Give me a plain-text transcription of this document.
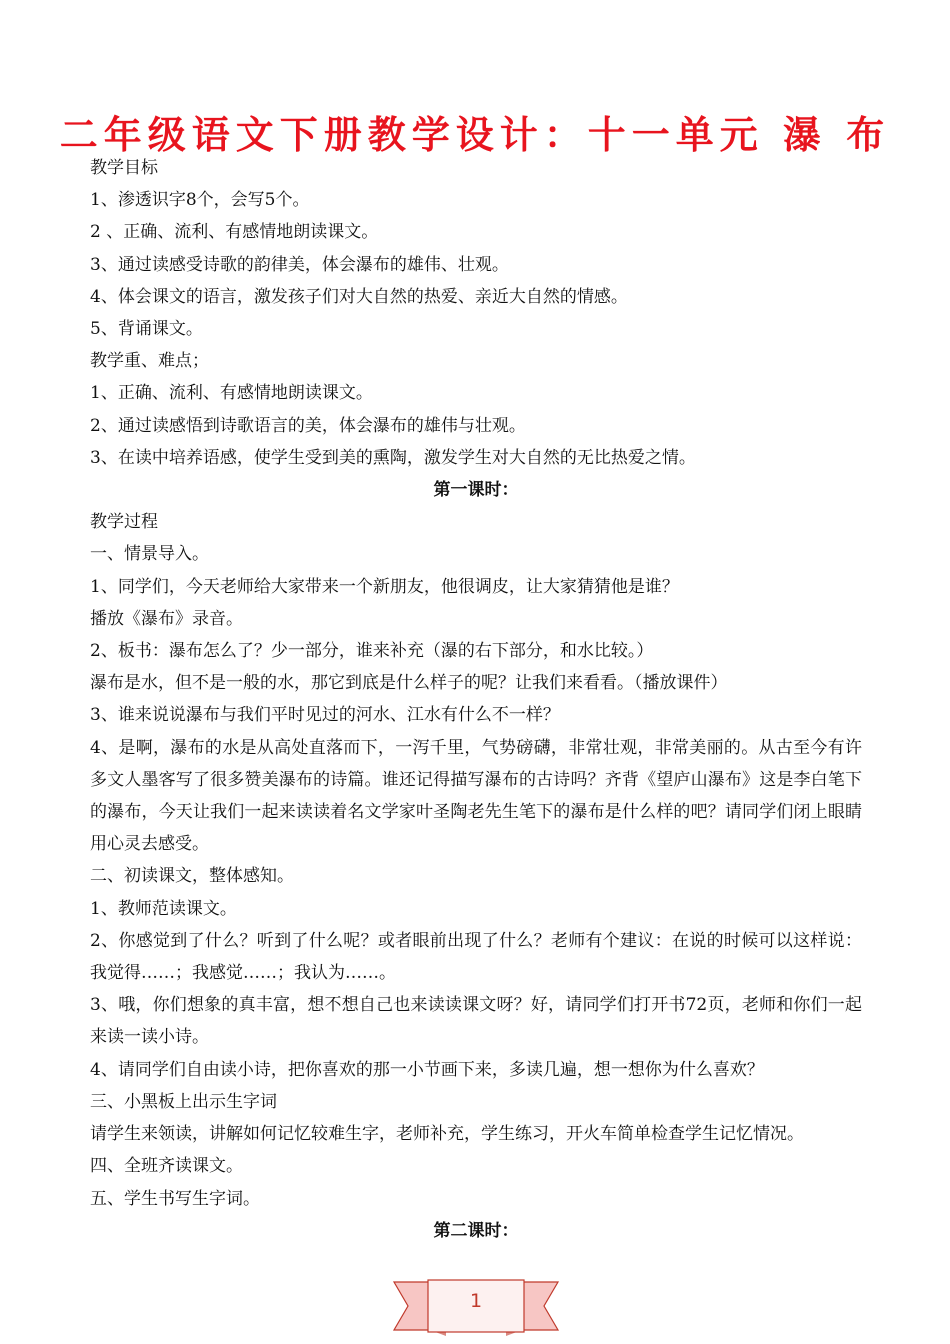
二年级语文下册教学设计：十一单元 瀑 布

教学目标

1、渗透识字8个，会写5个。

2 、正确、流利、有感情地朗读课文。

3、通过读感受诗歌的韵律美，体会瀑布的雄伟、壮观。

4、体会课文的语言，激发孩子们对大自然的热爱、亲近大自然的情感。

5、背诵课文。

教学重、难点；

1、正确、流利、有感情地朗读课文。

2、通过读感悟到诗歌语言的美，体会瀑布的雄伟与壮观。

3、在读中培养语感，使学生受到美的熏陶，激发学生对大自然的无比热爱之情。

第一课时：

教学过程

一、情景导入。

1、同学们，今天老师给大家带来一个新朋友，他很调皮，让大家猜猜他是谁？

播放《瀑布》录音。

2、板书：瀑布怎么了？少一部分，谁来补充（瀑的右下部分，和水比较。）

瀑布是水，但不是一般的水，那它到底是什么样子的呢？让我们来看看。（播放课件）

3、谁来说说瀑布与我们平时见过的河水、江水有什么不一样？

4、是啊，瀑布的水是从高处直落而下，一泻千里，气势磅礴，非常壮观，非常美丽的。从古至今有许多文人墨客写了很多赞美瀑布的诗篇。谁还记得描写瀑布的古诗吗？齐背《望庐山瀑布》这是李白笔下的瀑布，今天让我们一起来读读着名文学家叶圣陶老先生笔下的瀑布是什么样的吧？请同学们闭上眼睛用心灵去感受。

二、初读课文，整体感知。

1、教师范读课文。

2、你感觉到了什么？听到了什么呢？或者眼前出现了什么？老师有个建议：在说的时候可以这样说：我觉得……；我感觉……；我认为……。

3、哦，你们想象的真丰富，想不想自己也来读读课文呀？好，请同学们打开书72页，老师和你们一起来读一读小诗。

4、请同学们自由读小诗，把你喜欢的那一小节画下来，多读几遍，想一想你为什么喜欢？

三、小黑板上出示生字词

请学生来领读，讲解如何记忆较难生字，老师补充，学生练习，开火车简单检查学生记忆情况。

四、全班齐读课文。

五、学生书写生字词。

第二课时：

1
